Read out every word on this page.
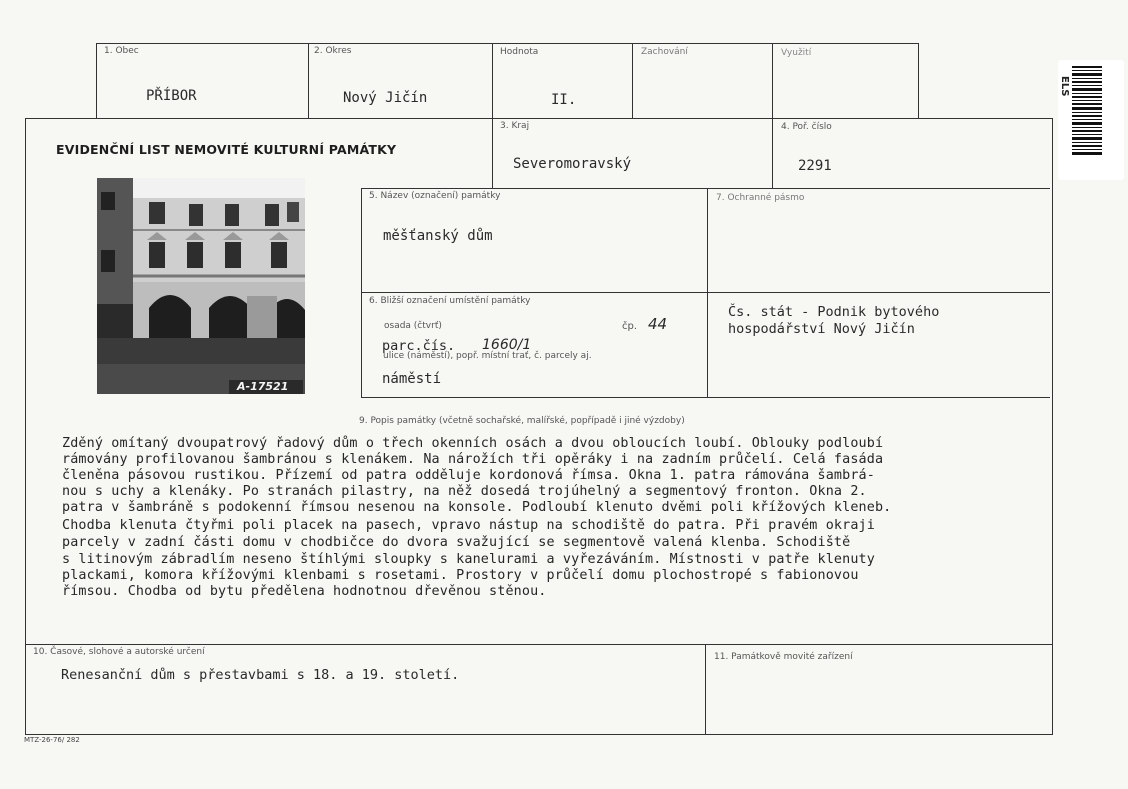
1. Obec
PŘÍBOR
2. Okres
Nový Jičín
Hodnota
II.
Zachování	Využití
EVIDENČNÍ LIST NEMOVITÉ KULTURNÍ PAMÁTKY
3. Kraj
Severomoravský
4. Poř. číslo
2291
A-17521
5. Název (označení) památky
měšťanský dům
7. Ochranné pásmo
6. Bližší označení umístění památky
osada (čtvrť)	čp. 44
parc.čís. 1660/1
ulice (náměstí), popř. místní trať, č. parcely aj.
náměstí
Čs. stát - Podnik bytového
hospodářství Nový Jičín
9. Popis památky (včetně sochařské, malířské, popřípadě i jiné výzdoby)
Zděný omítaný dvoupatrový řadový dům o třech okenních osách a dvou obloucích loubí. Oblouky podloubí
rámovány profilovanou šambránou s klenákem. Na nárožích tři opěráky i na zadním průčelí. Celá fasáda
členěna pásovou rustikou. Přízemí od patra odděluje kordonová římsa. Okna 1. patra rámována šambrá-
nou s uchy a klenáky. Po stranách pilastry, na něž dosedá trojúhelný a segmentový fronton. Okna 2.
patra v šambráně s podokenní římsou nesenou na konsole. Podloubí klenuto dvěmi poli křížových kleneb.
Chodba klenuta čtyřmi poli placek na pasech, vpravo nástup na schodiště do patra. Při pravém okraji
parcely v zadní části domu v chodbičce do dvora svažující se segmentově valená klenba. Schodiště
s litinovým zábradlím neseno štíhlými sloupky s kanelurami a vyřezáváním. Místnosti v patře klenuty
plackami, komora křížovými klenbami s rosetami. Prostory v průčelí domu plochostropé s fabionovou
římsou. Chodba od bytu předělena hodnotnou dřevěnou stěnou.
10. Časové, slohové a autorské určení
Renesanční dům s přestavbami s 18. a 19. století.
11. Památkově movité zařízení
MTZ-26-76/ 282
ELS
